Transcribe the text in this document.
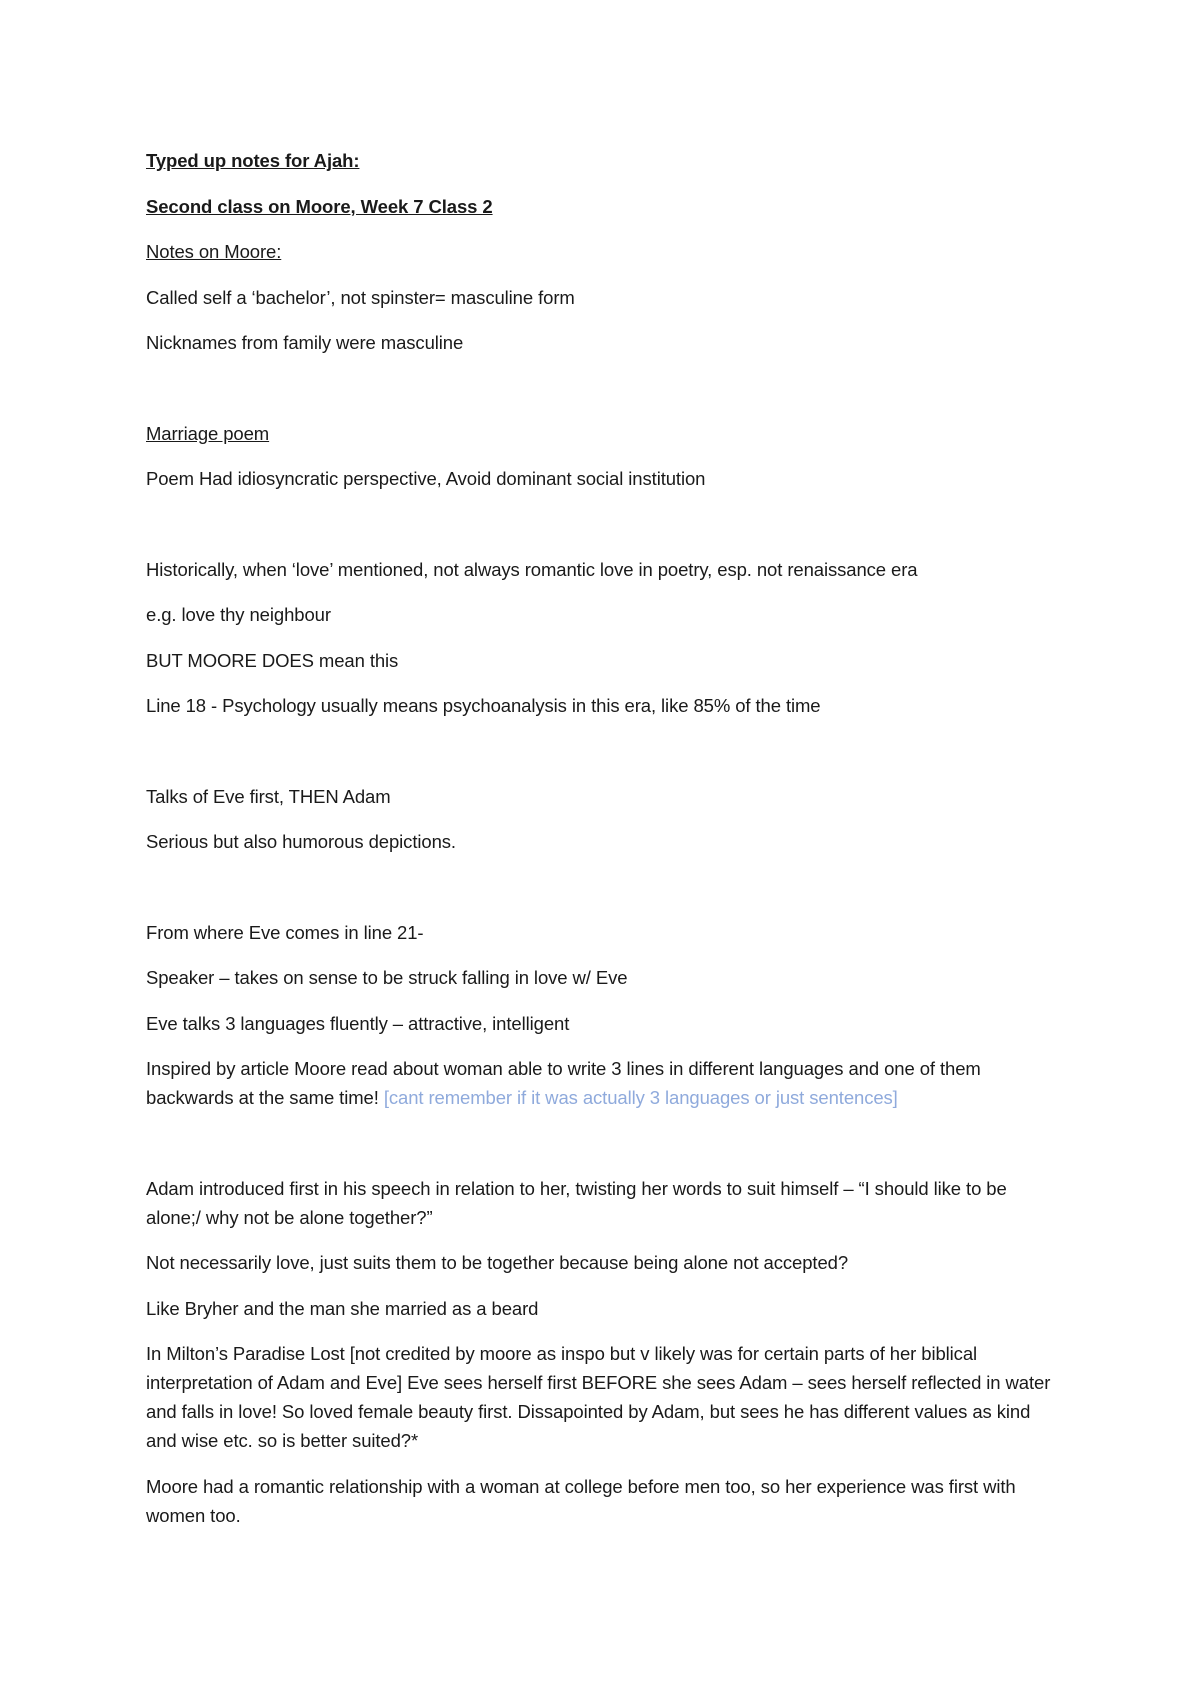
Typed up notes for Ajah:

Second class on Moore, Week 7 Class 2

Notes on Moore:

Called self a ‘bachelor’, not spinster= masculine form

Nicknames from family were masculine

Marriage poem

Poem Had idiosyncratic perspective, Avoid dominant social institution

Historically, when ‘love’ mentioned, not always romantic love in poetry, esp. not renaissance era

e.g. love thy neighbour

BUT MOORE DOES mean this

Line 18 - Psychology usually means psychoanalysis in this era, like 85% of the time

Talks of Eve first, THEN Adam

Serious but also humorous depictions.

From where Eve comes in line 21-

Speaker – takes on sense to be struck falling in love w/ Eve

Eve talks 3 languages fluently – attractive, intelligent

Inspired by article Moore read about woman able to write 3 lines in different languages and one of them backwards at the same time! [cant remember if it was actually 3 languages or just sentences]

Adam introduced first in his speech in relation to her, twisting her words to suit himself – “I should like to be alone;/ why not be alone together?”

Not necessarily love, just suits them to be together because being alone not accepted?

Like Bryher and the man she married as a beard

In Milton’s Paradise Lost [not credited by moore as inspo but v likely was for certain parts of her biblical interpretation of Adam and Eve] Eve sees herself first BEFORE she sees Adam – sees herself reflected in water and falls in love! So loved female beauty first. Dissapointed by Adam, but sees he has different values as kind and wise etc. so is better suited?*

Moore had a romantic relationship with a woman at college before men too, so her experience was first with women too.
